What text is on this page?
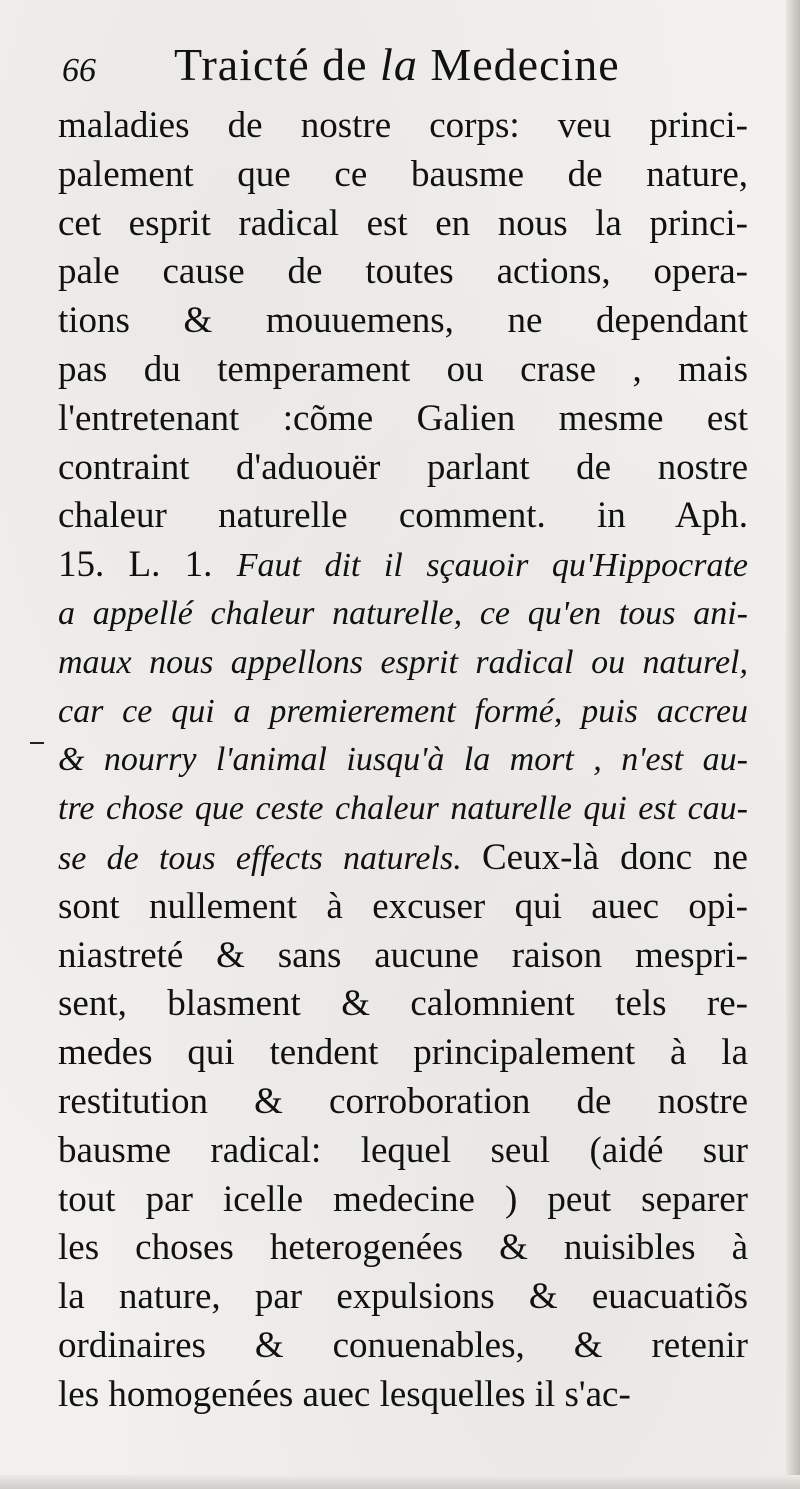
66 Traicté de la Medecine
maladies de nostre corps: veu princi-
palement que ce bausme de nature,
cet esprit radical est en nous la princi-
pale cause de toutes actions, opera-
tions & mouuemens, ne dependant
pas du temperament ou crase , mais
l'entretenant :cõme Galien mesme est
contraint d'aduouër parlant de nostre
chaleur naturelle comment. in Aph.
15. L. 1. Faut dit il sçauoir qu'Hippocrate
a appellé chaleur naturelle, ce qu'en tous ani-
maux nous appellons esprit radical ou naturel,
car ce qui a premierement formé, puis accreu
& nourry l'animal iusqu'à la mort , n'est au-
tre chose que ceste chaleur naturelle qui est cau-
se de tous effects naturels. Ceux-là donc ne
sont nullement à excuser qui auec opi-
niastreté & sans aucune raison mespri-
sent, blasment & calomnient tels re-
medes qui tendent principalement à la
restitution & corroboration de nostre
bausme radical: lequel seul (aidé sur
tout par icelle medecine ) peut separer
les choses heterogenées & nuisibles à
la nature, par expulsions & euacuatiõs
ordinaires & conuenables, & retenir
les homogenées auec lesquelles il s'ac-
